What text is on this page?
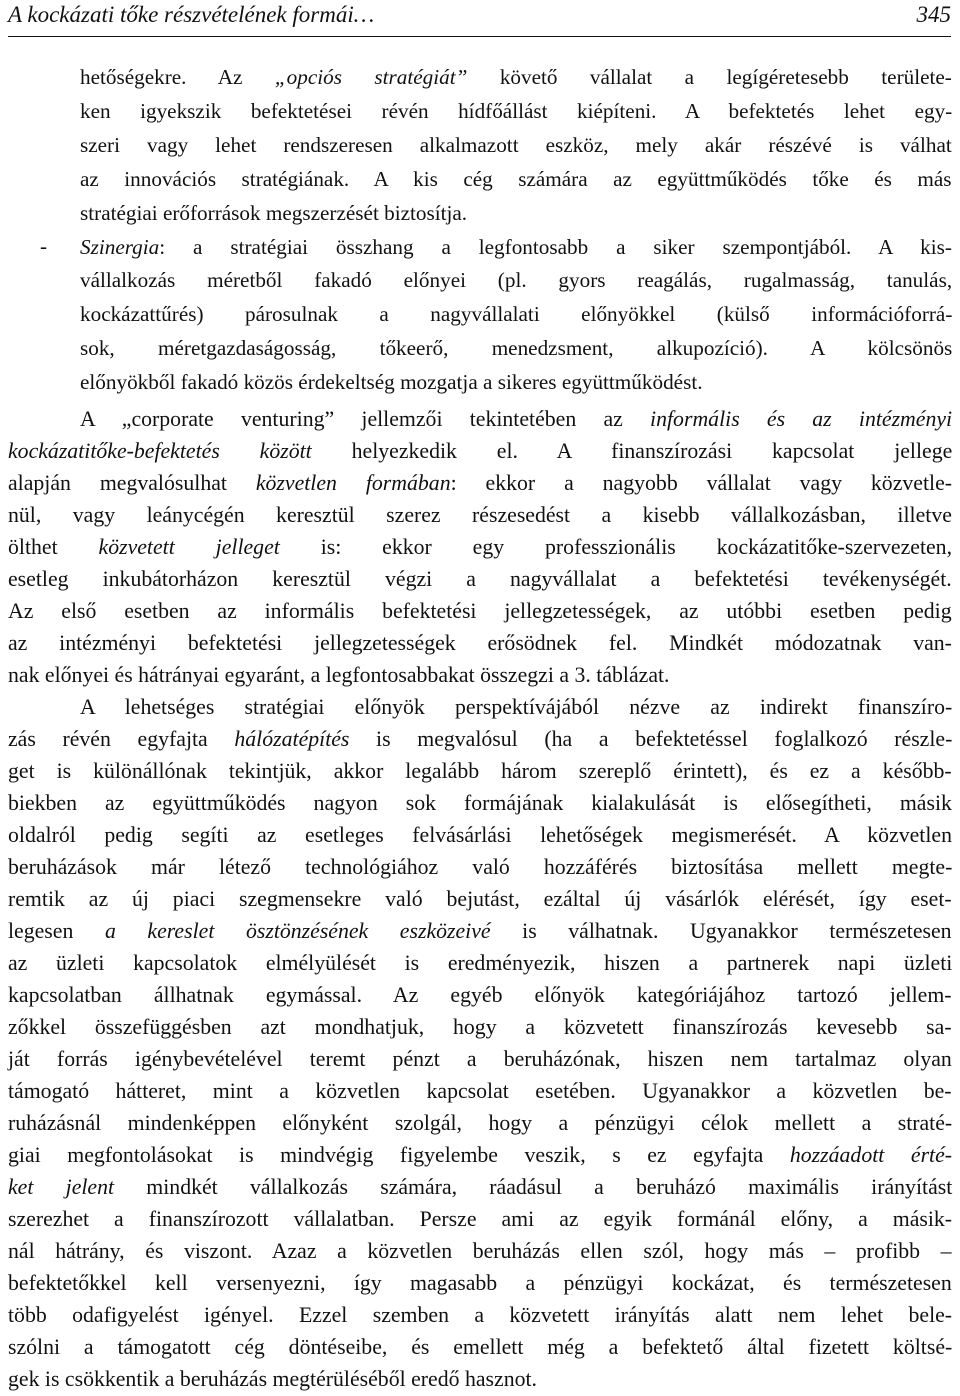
A kockázati tőke részvételének formái…	345
-
hetőségekre. Az „opciós stratégiát” követő vállalat a legígéretesebb területe-
ken igyekszik befektetései révén hídfőállást kiépíteni. A befektetés lehet egy-
szeri vagy lehet rendszeresen alkalmazott eszköz, mely akár részévé is válhat
az innovációs stratégiának. A kis cég számára az együttműködés tőke és más
stratégiai erőforrások megszerzését biztosítja.
Szinergia: a stratégiai összhang a legfontosabb a siker szempontjából. A kis-
vállalkozás méretből fakadó előnyei (pl. gyors reagálás, rugalmasság, tanulás,
kockázattűrés) párosulnak a nagyvállalati előnyökkel (külső információforrá-
sok, méretgazdaságosság, tőkeerő, menedzsment, alkupozíció). A kölcsönös
előnyökből fakadó közös érdekeltség mozgatja a sikeres együttműködést.
A „corporate venturing” jellemzői tekintetében az informális és az intézményi
kockázatitőke-befektetés között helyezkedik el. A finanszírozási kapcsolat jellege
alapján megvalósulhat közvetlen formában: ekkor a nagyobb vállalat vagy közvetle-
nül, vagy leánycégén keresztül szerez részesedést a kisebb vállalkozásban, illetve
ölthet közvetett jelleget is: ekkor egy professzionális kockázatitőke-szervezeten,
esetleg inkubátorházon keresztül végzi a nagyvállalat a befektetési tevékenységét.
Az első esetben az informális befektetési jellegzetességek, az utóbbi esetben pedig
az intézményi befektetési jellegzetességek erősödnek fel. Mindkét módozatnak van-
nak előnyei és hátrányai egyaránt, a legfontosabbakat összegzi a 3. táblázat.
A lehetséges stratégiai előnyök perspektívájából nézve az indirekt finanszíro-
zás révén egyfajta hálózatépítés is megvalósul (ha a befektetéssel foglalkozó részle-
get is különállónak tekintjük, akkor legalább három szereplő érintett), és ez a később-
biekben az együttműködés nagyon sok formájának kialakulását is elősegítheti, másik
oldalról pedig segíti az esetleges felvásárlási lehetőségek megismerését. A közvetlen
beruházások már létező technológiához való hozzáférés biztosítása mellett megte-
remtik az új piaci szegmensekre való bejutást, ezáltal új vásárlók elérését, így eset-
legesen a kereslet ösztönzésének eszközeivé is válhatnak. Ugyanakkor természetesen
az üzleti kapcsolatok elmélyülését is eredményezik, hiszen a partnerek napi üzleti
kapcsolatban állhatnak egymással. Az egyéb előnyök kategóriájához tartozó jellem-
zőkkel összefüggésben azt mondhatjuk, hogy a közvetett finanszírozás kevesebb sa-
ját forrás igénybevételével teremt pénzt a beruházónak, hiszen nem tartalmaz olyan
támogató hátteret, mint a közvetlen kapcsolat esetében. Ugyanakkor a közvetlen be-
ruházásnál mindenképpen előnyként szolgál, hogy a pénzügyi célok mellett a straté-
giai megfontolásokat is mindvégig figyelembe veszik, s ez egyfajta hozzáadott érté-
ket jelent mindkét vállalkozás számára, ráadásul a beruházó maximális irányítást
szerezhet a finanszírozott vállalatban. Persze ami az egyik formánál előny, a másik-
nál hátrány, és viszont. Azaz a közvetlen beruházás ellen szól, hogy más – profibb –
befektetőkkel kell versenyezni, így magasabb a pénzügyi kockázat, és természetesen
több odafigyelést igényel. Ezzel szemben a közvetett irányítás alatt nem lehet bele-
szólni a támogatott cég döntéseibe, és emellett még a befektető által fizetett költsé-
gek is csökkentik a beruházás megtérüléséből eredő hasznot.
